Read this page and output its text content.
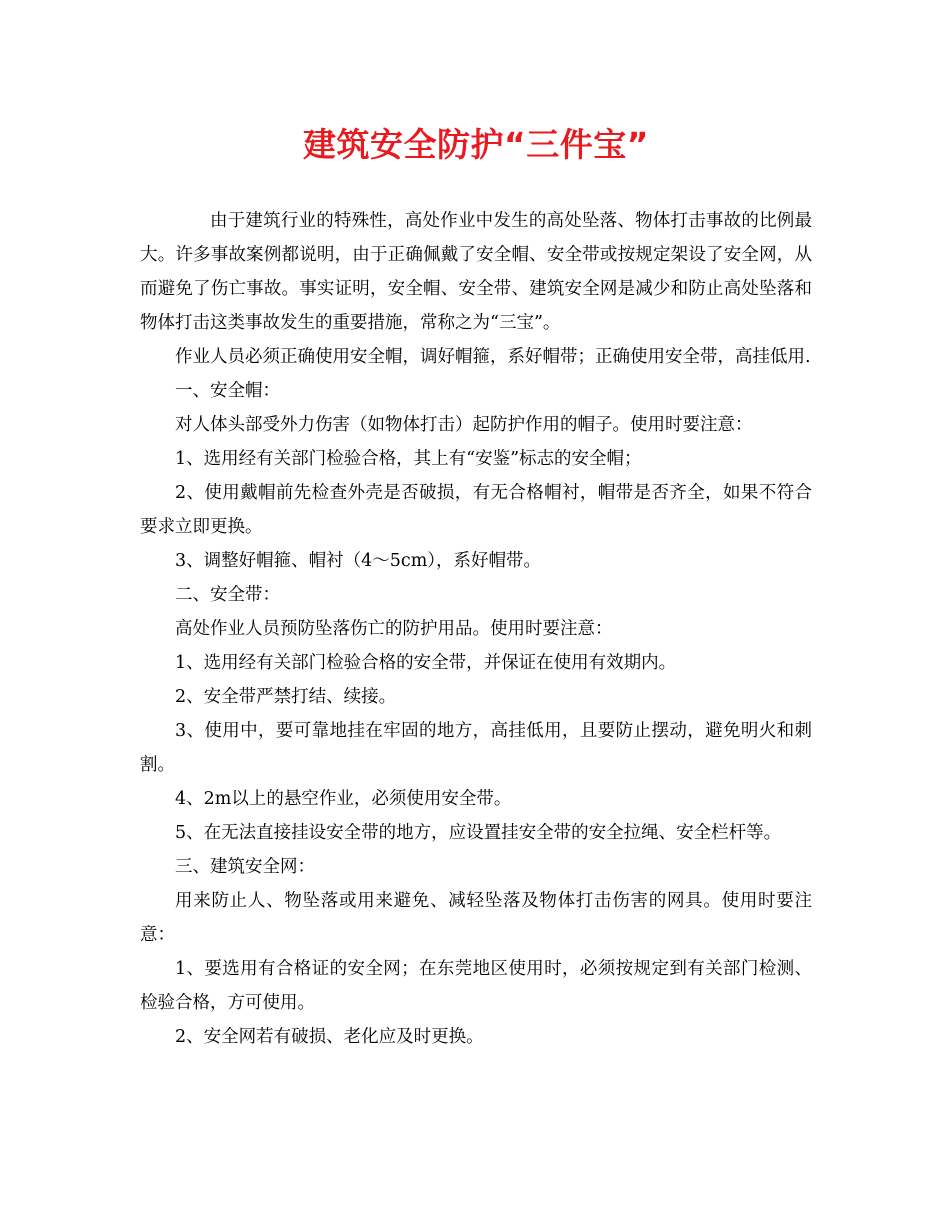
建筑安全防护“三件宝”

由于建筑行业的特殊性，高处作业中发生的高处坠落、物体打击事故的比例最大。许多事故案例都说明，由于正确佩戴了安全帽、安全带或按规定架设了安全网，从而避免了伤亡事故。事实证明，安全帽、安全带、建筑安全网是减少和防止高处坠落和物体打击这类事故发生的重要措施，常称之为“三宝”。

作业人员必须正确使用安全帽，调好帽箍，系好帽带；正确使用安全带，高挂低用.

一、安全帽：

对人体头部受外力伤害（如物体打击）起防护作用的帽子。使用时要注意：

1、选用经有关部门检验合格，其上有“安鉴”标志的安全帽；

2、使用戴帽前先检查外壳是否破损，有无合格帽衬，帽带是否齐全，如果不符合要求立即更换。

3、调整好帽箍、帽衬（4～5cm），系好帽带。

二、安全带：

高处作业人员预防坠落伤亡的防护用品。使用时要注意：

1、选用经有关部门检验合格的安全带，并保证在使用有效期内。

2、安全带严禁打结、续接。

3、使用中，要可靠地挂在牢固的地方，高挂低用，且要防止摆动，避免明火和刺割。

4、2m以上的悬空作业，必须使用安全带。

5、在无法直接挂设安全带的地方，应设置挂安全带的安全拉绳、安全栏杆等。

三、建筑安全网：

用来防止人、物坠落或用来避免、减轻坠落及物体打击伤害的网具。使用时要注意：

1、要选用有合格证的安全网；在东莞地区使用时，必须按规定到有关部门检测、检验合格，方可使用。

2、安全网若有破损、老化应及时更换。
